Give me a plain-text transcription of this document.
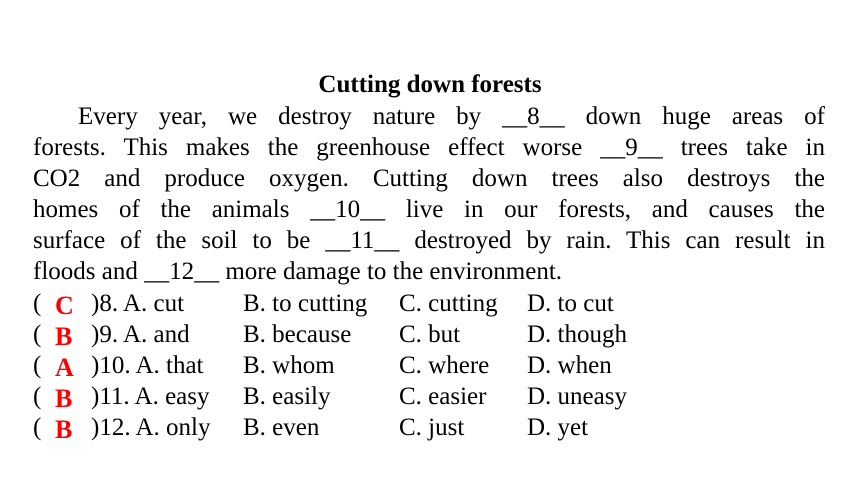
Cutting down forests
Every year, we destroy nature by __8__ down huge areas of
forests. This makes the greenhouse effect worse __9__ trees take in
CO2 and produce oxygen. Cutting down trees also destroys the
homes of the animals __10__ live in our forests, and causes the
surface of the soil to be __11__ destroyed by rain. This can result in
floods and __12__ more damage to the environment.
( C )8. A. cut B. to cutting C. cutting D. to cut
( B )9. A. and B. because C. but	D. though
( A )10. A. that B. whom	C. where D. when
( B )11. A. easy B. easily	C. easier D. uneasy
( B )12. A. only B. even	C. just	D. yet
